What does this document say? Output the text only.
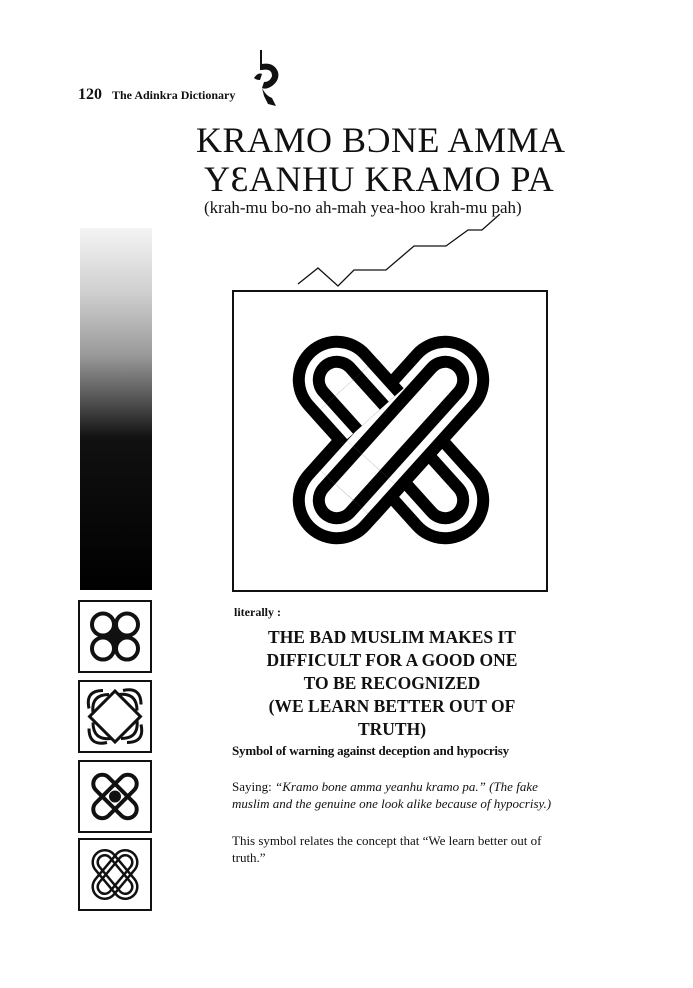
120 The Adinkra Dictionary
KRAMO BƆNE AMMA
YƐANHU KRAMO PA
(krah-mu bo-no ah-mah yea-hoo krah-mu pah)
literally :
THE BAD MUSLIM MAKES IT
DIFFICULT FOR A GOOD ONE
TO BE RECOGNIZED
(WE LEARN BETTER OUT OF
TRUTH)
Symbol of warning against deception and hypocrisy
Saying: “Kramo bone amma yeanhu kramo pa.” (The fake muslim and the genuine one look alike because of hypocrisy.)
This symbol relates the concept that “We learn better out of truth.”
